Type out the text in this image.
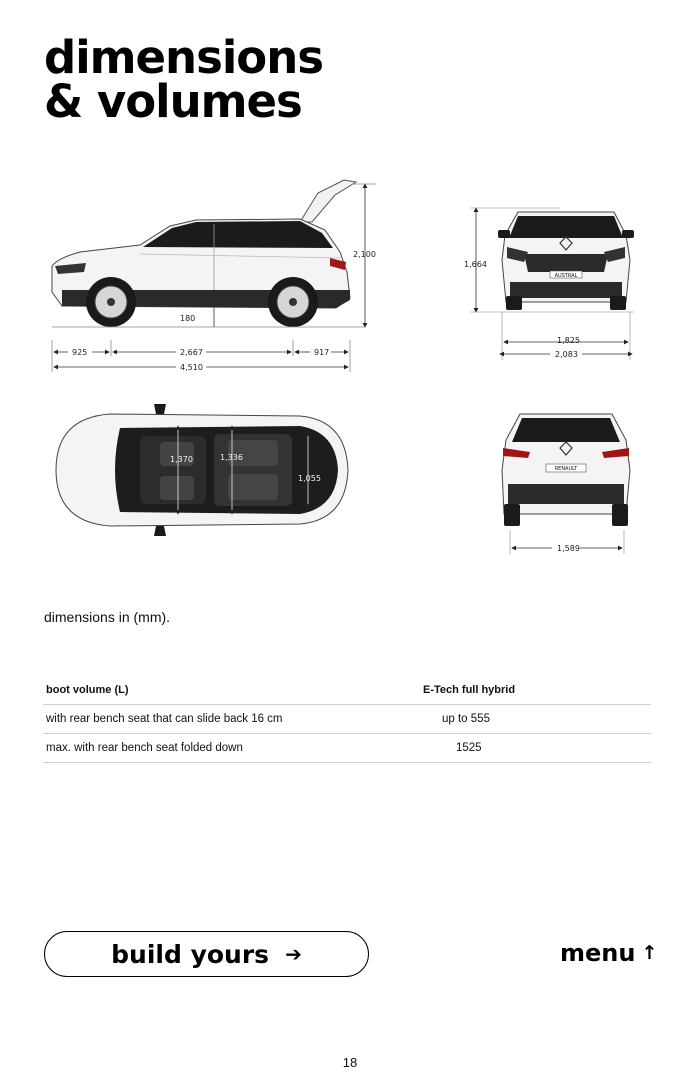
dimensions
& volumes
2,100
180
925	2,667	917
4,510
AUSTRAL
1,664
1,825
2,083
1,370	1,336
1,055
RENAULT
1,589
dimensions in (mm).
boot volume (L)	E-Tech full hybrid
with rear bench seat that can slide back 16 cm	up to 555
max. with rear bench seat folded down	1525
build yours ➔	menu ↑
18
